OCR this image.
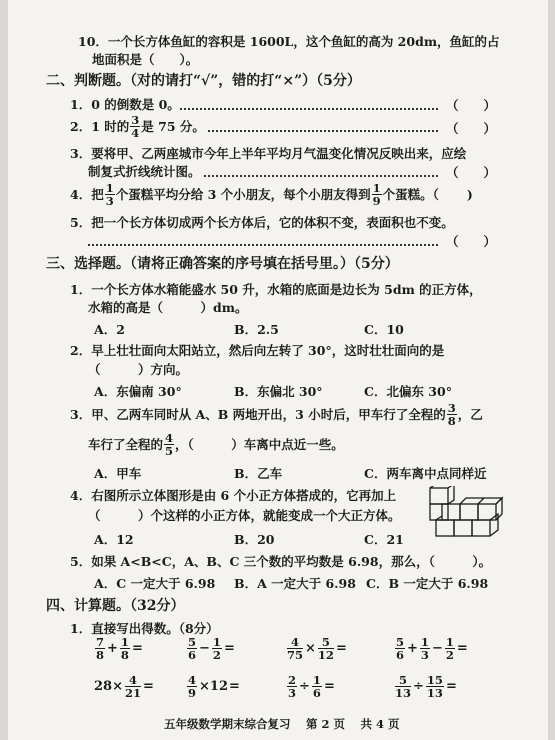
10．一个长方体鱼缸的容积是 1600L，这个鱼缸的高为 20dm，鱼缸的占
地面积是（　　）。
二、判断题。（对的请打“√”，错的打“×”）（5分）
1．0 的倒数是 0。	（　　）
2．1 时的 $\frac{3}{4}$ 是 75 分。	（　　）
3．要将甲、乙两座城市今年上半年平均月气温变化情况反映出来，应绘
制复式折线统计图。	（　　）
4．把 $\frac{1}{3}$ 个蛋糕平均分给 3 个小朋友，每个小朋友得到 $\frac{1}{9}$ 个蛋糕。（ )
5．把一个长方体切成两个长方体后，它的体积不变，表面积也不变。
（　　）
三、选择题。（请将正确答案的序号填在括号里。）（5分）
1．一个长方体水箱能盛水 50 升，水箱的底面是边长为 5dm 的正方体，
水箱的高是（　　　）dm。
A．2	B．2.5	C．10
2．早上壮壮面向太阳站立，然后向左转了 30°，这时壮壮面向的是
（　　　）方向。
A．东偏南 30°	B．东偏北 30°	C．北偏东 30°
3．甲、乙两车同时从 A、B 两地开出，3 小时后，甲车行了全程的 $\frac{3}{8}$ ，乙
车行了全程的 $\frac{4}{5}$ ，（　　　）车离中点近一些。
A．甲车	B．乙车	C．两车离中点同样近
4．右图所示立体图形是由 6 个小正方体搭成的，它再加上
（　　　）个这样的小正方体，就能变成一个大正方体。
A．12	B．20	C．21
5．如果 A<B<C，A、B、C 三个数的平均数是 6.98，那么，（　　　）。
A．C 一定大于 6.98 B．A 一定大于 6.98 C．B 一定大于 6.98
四、计算题。（32分）
1．直接写出得数。（8分）
$\frac{7}{8} + \frac{1}{8}$ =	$\frac{5}{6} - \frac{1}{2}$ =	$\frac{4}{75} \times \frac{5}{12}$ =	$\frac{5}{6} + \frac{1}{3} - \frac{1}{2}$ =
$28\times \frac{4}{21}$ =	$\frac{4}{9} \times 12$ =	$\frac{2}{3} \div \frac{1}{6}$ =	$\frac{5}{13} \div \frac{15}{13}$ =
五年级数学期末综合复习　 第 2 页　 共 4 页
